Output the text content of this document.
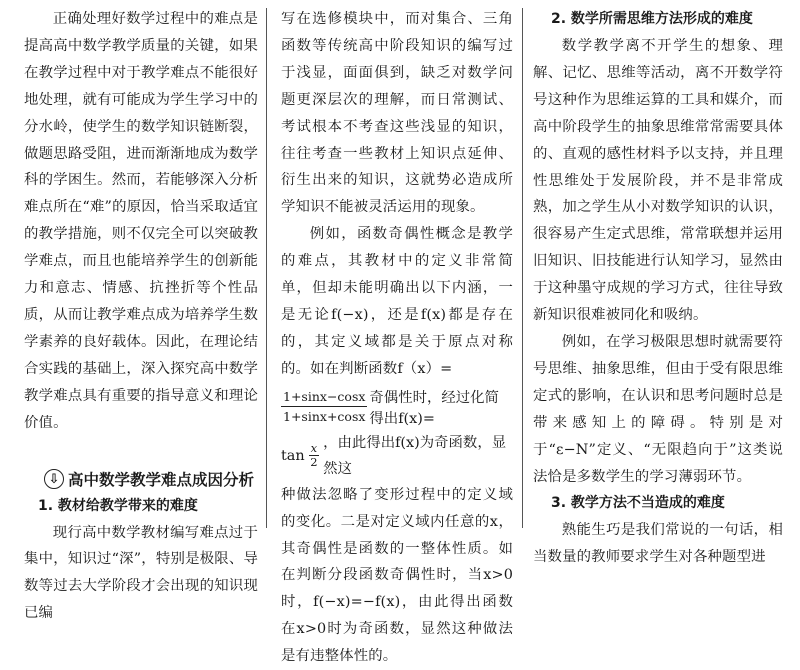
正确处理好数学过程中的难点是提高高中数学教学质量的关键，如果在教学过程中对于教学难点不能很好地处理，就有可能成为学生学习中的分水岭，使学生的数学知识链断裂，做题思路受阻，进而渐渐地成为数学科的学困生。然而，若能够深入分析难点所在“难”的原因，恰当采取适宜的教学措施，则不仅完全可以突破教学难点，而且也能培养学生的创新能力和意志、情感、抗挫折等个性品质，从而让教学难点成为培养学生数学素养的良好载体。因此，在理论结合实践的基础上，深入探究高中数学教学难点具有重要的指导意义和理论价值。

⇩ 高中数学教学难点成因分析
1. 教材给教学带来的难度

现行高中数学教材编写难点过于集中，知识过“深”，特别是极限、导数等过去大学阶段才会出现的知识现已编

写在选修模块中，而对集合、三角函数等传统高中阶段知识的编写过于浅显，面面俱到，缺乏对数学问题更深层次的理解，而日常测试、考试根本不考查这些浅显的知识，往往考查一些教材上知识点延伸、衍生出来的知识，这就势必造成所学知识不能被灵活运用的现象。

例如，函数奇偶性概念是教学的难点，其教材中的定义非常简单，但却未能明确出以下内涵，一是无论f(−x)，还是f(x)都是存在的，其定义域都是关于原点对称的。如在判断函数f（x）=

$\frac{1+\sin x-\cos x}{1+\sin x+\cos x}$ 奇偶性时，经过化简得出f(x)=
$\tan \frac{x}{2}$ ，由此得出f(x)为奇函数，显然这

种做法忽略了变形过程中的定义域的变化。二是对定义域内任意的x，其奇偶性是函数的一整体性质。如在判断分段函数奇偶性时，当x>0时，f(−x)=−f(x)，由此得出函数在x>0时为奇函数，显然这种做法是有违整体性的。

2. 数学所需思维方法形成的难度

数学教学离不开学生的想象、理解、记忆、思维等活动，离不开数学符号这种作为思维运算的工具和媒介，而高中阶段学生的抽象思维常常需要具体的、直观的感性材料予以支持，并且理性思维处于发展阶段，并不是非常成熟，加之学生从小对数学知识的认识，很容易产生定式思维，常常联想并运用旧知识、旧技能进行认知学习，显然由于这种墨守成规的学习方式，往往导致新知识很难被同化和吸纳。

例如，在学习极限思想时就需要符号思维、抽象思维，但由于受有限思维定式的影响，在认识和思考问题时总是带来感知上的障碍。特别是对于“ε−N”定义、“无限趋向于”这类说法恰是多数学生的学习薄弱环节。

3. 教学方法不当造成的难度

熟能生巧是我们常说的一句话，相当数量的教师要求学生对各种题型进
